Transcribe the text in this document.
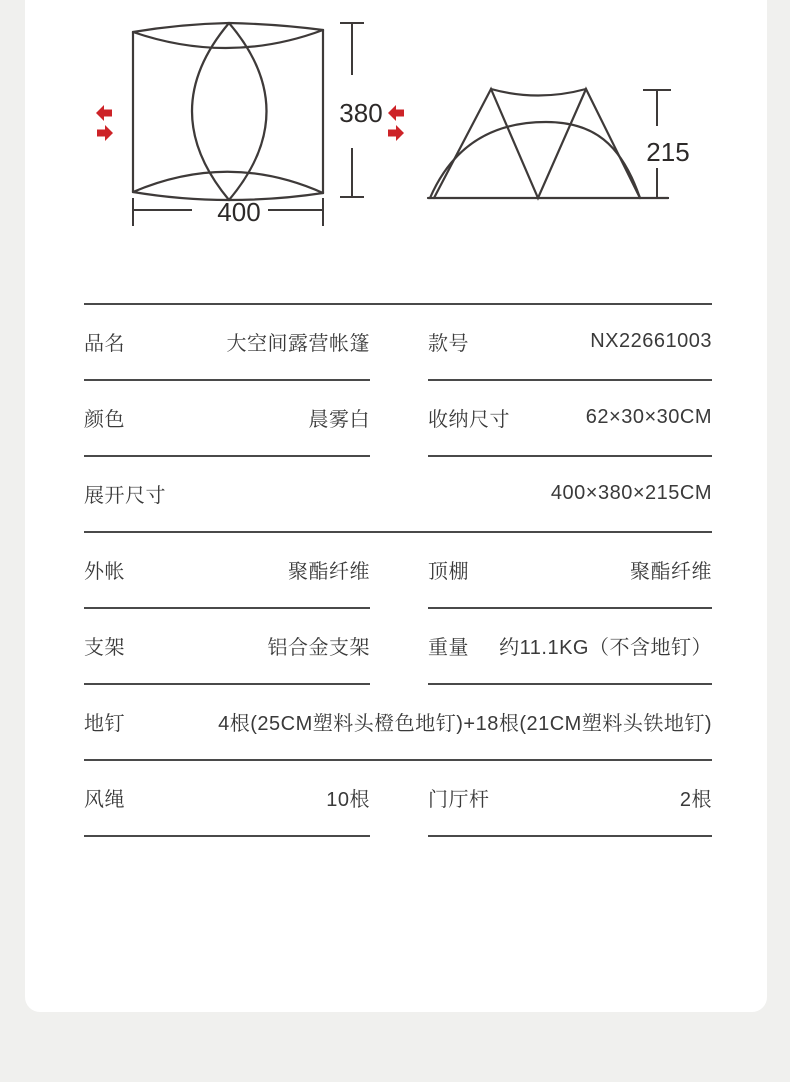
380
400
215
品名	大空间露营帐篷	款号	NX22661003
颜色	晨雾白	收纳尺寸	62×30×30CM
展开尺寸	400×380×215CM
外帐	聚酯纤维	顶棚	聚酯纤维
支架	铝合金支架	重量 约11.1KG（不含地钉）
地钉	4根(25CM塑料头橙色地钉)+18根(21CM塑料头铁地钉)
风绳	10根	门厅杆	2根
